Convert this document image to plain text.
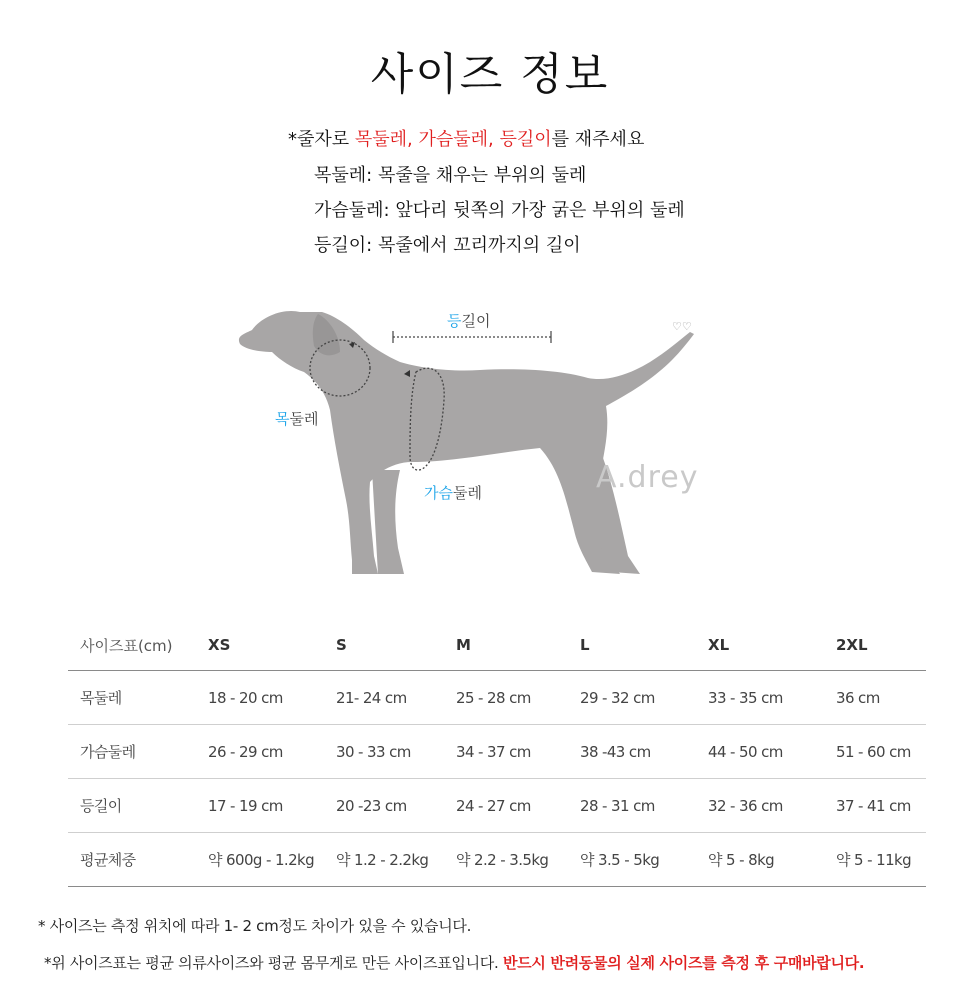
사이즈 정보
*줄자로 목둘레, 가슴둘레, 등길이를 재주세요
목둘레: 목줄을 채우는 부위의 둘레
가슴둘레: 앞다리 뒷쪽의 가장 굵은 부위의 둘레
등길이: 목줄에서 꼬리까지의 길이
♡♡
등길이
목둘레
가슴둘레	A.drey
사이즈표(cm)	XS	S	M	L	XL	2XL
목둘레	18 - 20 cm	21- 24 cm	25 - 28 cm	29 - 32 cm	33 - 35 cm	36 cm
가슴둘레	26 - 29 cm	30 - 33 cm	34 - 37 cm	38 -43 cm	44 - 50 cm	51 - 60 cm
등길이	17 - 19 cm	20 -23 cm	24 - 27 cm	28 - 31 cm	32 - 36 cm	37 - 41 cm
평균체중	약 600g - 1.2kg	약 1.2 - 2.2kg	약 2.2 - 3.5kg	약 3.5 - 5kg	약 5 - 8kg	약 5 - 11kg
* 사이즈는 측정 위치에 따라 1- 2 cm정도 차이가 있을 수 있습니다.
*위 사이즈표는 평균 의류사이즈와 평균 몸무게로 만든 사이즈표입니다. 반드시 반려동물의 실제 사이즈를 측정 후 구매바랍니다.
